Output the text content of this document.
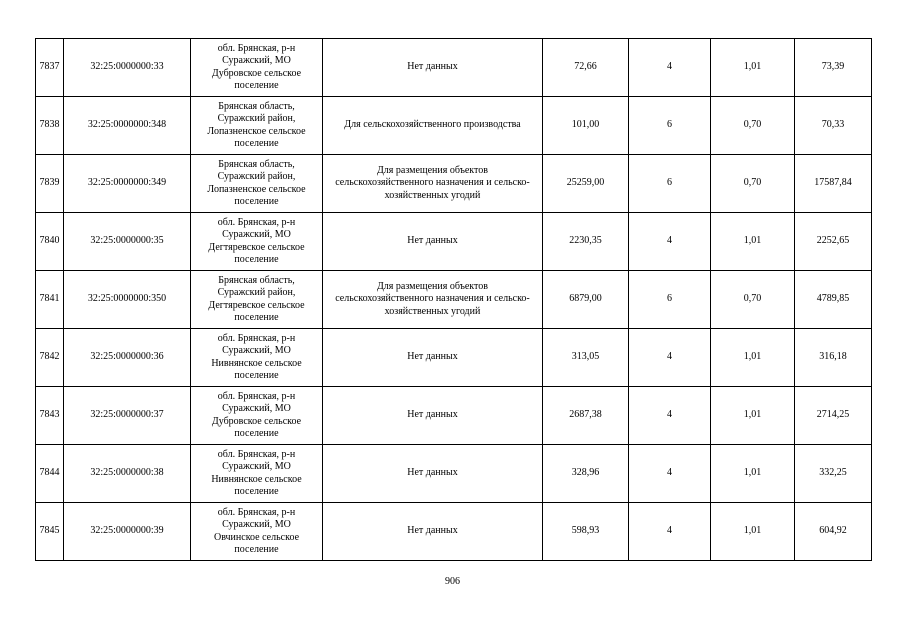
7837	32:25:0000000:33	обл. Брянская, р-н
Суражский, МО
Дубровское сельское
поселение	Нет данных	72,66	4	1,01	73,39
7838	32:25:0000000:348	Брянская область,
Суражский район,
Лопазненское сельское
поселение	Для сельскохозяйственного производства	101,00	6	0,70	70,33
7839	32:25:0000000:349	Брянская область,
Суражский район,
Лопазненское сельское
поселение	Для размещения объектов
сельскохозяйственного назначения и сельско-
хозяйственных угодий	25259,00	6	0,70	17587,84
7840	32:25:0000000:35	обл. Брянская, р-н
Суражский, МО
Дегтяревское сельское
поселение	Нет данных	2230,35	4	1,01	2252,65
7841	32:25:0000000:350	Брянская область,
Суражский район,
Дегтяревское сельское
поселение	Для размещения объектов
сельскохозяйственного назначения и сельско-
хозяйственных угодий	6879,00	6	0,70	4789,85
7842	32:25:0000000:36	обл. Брянская, р-н
Суражский, МО
Нивнянское сельское
поселение	Нет данных	313,05	4	1,01	316,18
7843	32:25:0000000:37	обл. Брянская, р-н
Суражский, МО
Дубровское сельское
поселение	Нет данных	2687,38	4	1,01	2714,25
7844	32:25:0000000:38	обл. Брянская, р-н
Суражский, МО
Нивнянское сельское
поселение	Нет данных	328,96	4	1,01	332,25
7845	32:25:0000000:39	обл. Брянская, р-н
Суражский, МО
Овчинское сельское
поселение	Нет данных	598,93	4	1,01	604,92
906
